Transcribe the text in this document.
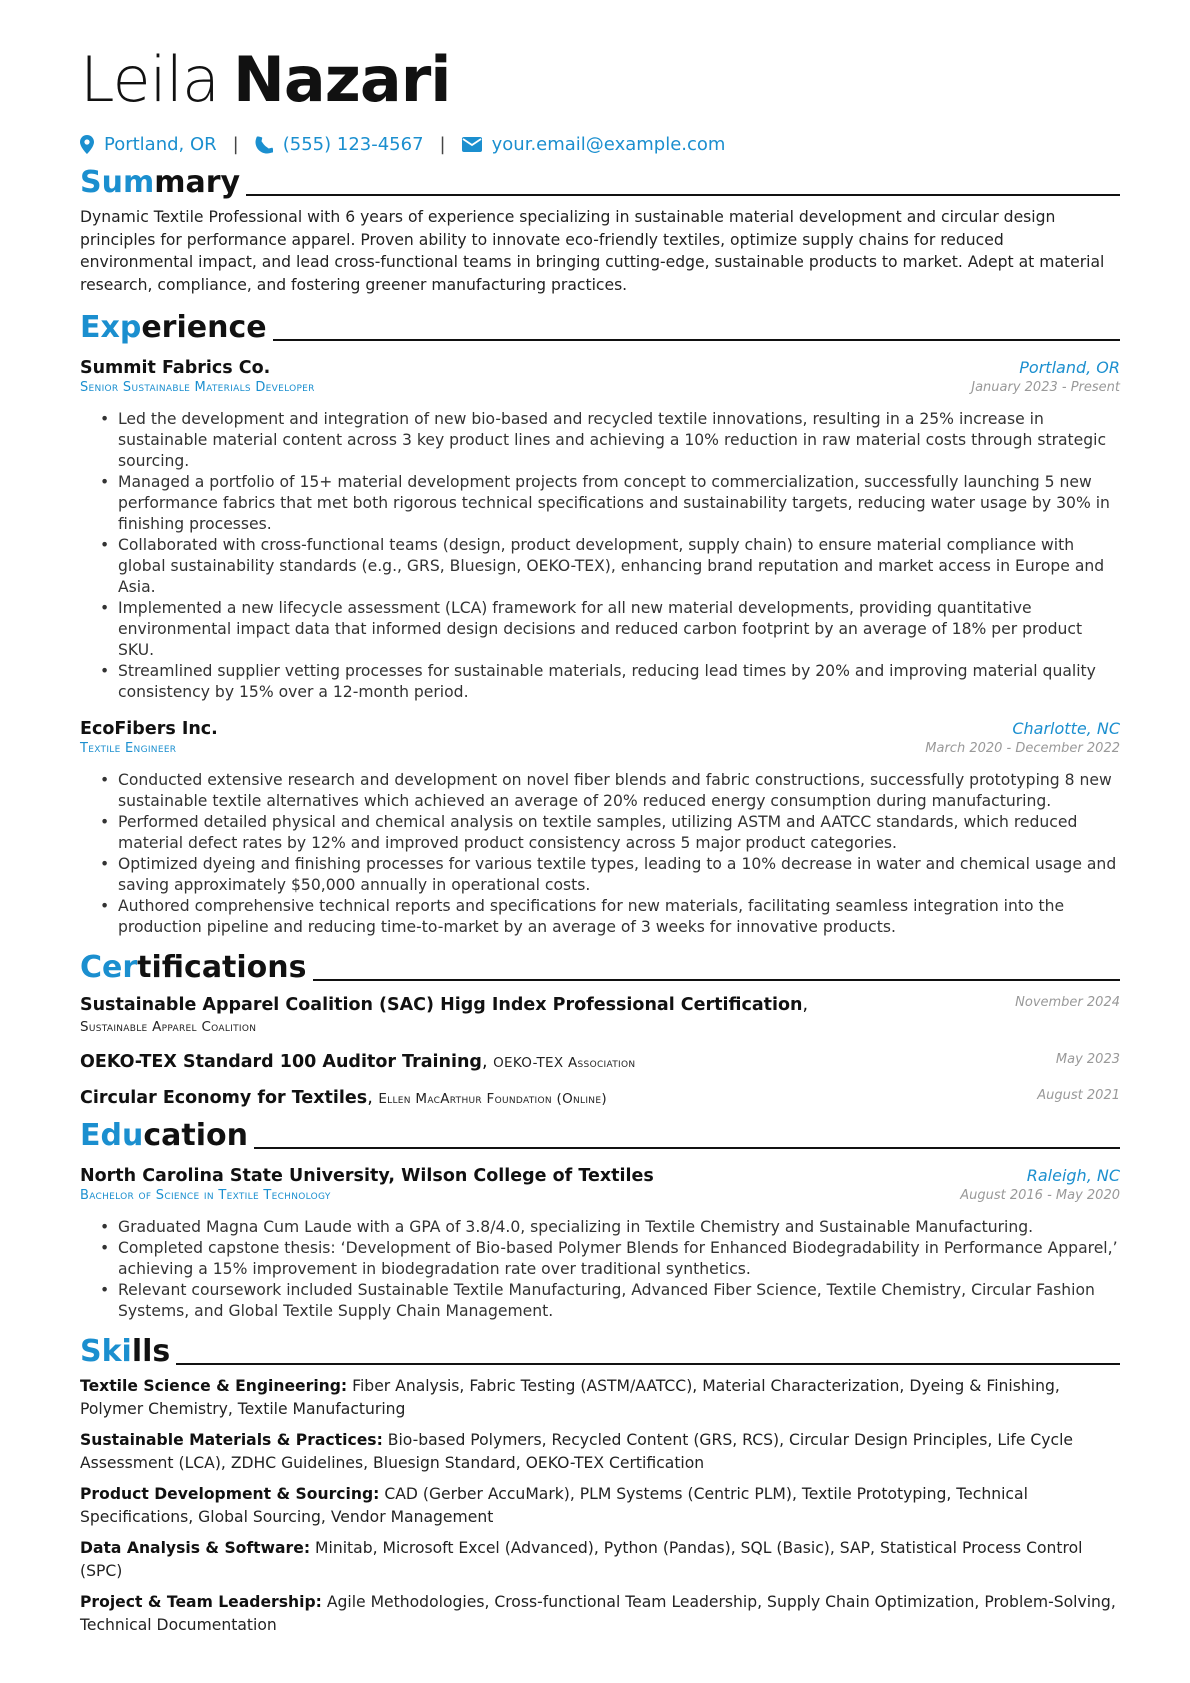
Leila Nazari
Portland, OR | (555) 123-4567 |	your.email@example.com
Summary
Dynamic Textile Professional with 6 years of experience specializing in sustainable material development and circular design principles for performance apparel. Proven ability to innovate eco-friendly textiles, optimize supply chains for reduced environmental impact, and lead cross-functional teams in bringing cutting-edge, sustainable products to market. Adept at material research, compliance, and fostering greener manufacturing practices.
Experience
Summit Fabrics Co.	Portland, OR
Senior Sustainable Materials Developer	January 2023 - Present
• Led the development and integration of new bio-based and recycled textile innovations, resulting in a 25% increase in sustainable material content across 3 key product lines and achieving a 10% reduction in raw material costs through strategic sourcing.
• Managed a portfolio of 15+ material development projects from concept to commercialization, successfully launching 5 new performance fabrics that met both rigorous technical specifications and sustainability targets, reducing water usage by 30% in finishing processes.
• Collaborated with cross-functional teams (design, product development, supply chain) to ensure material compliance with global sustainability standards (e.g., GRS, Bluesign, OEKO-TEX), enhancing brand reputation and market access in Europe and Asia.
• Implemented a new lifecycle assessment (LCA) framework for all new material developments, providing quantitative environmental impact data that informed design decisions and reduced carbon footprint by an average of 18% per product SKU.
• Streamlined supplier vetting processes for sustainable materials, reducing lead times by 20% and improving material quality consistency by 15% over a 12-month period.
EcoFibers Inc.	Charlotte, NC
Textile Engineer	March 2020 - December 2022
• Conducted extensive research and development on novel fiber blends and fabric constructions, successfully prototyping 8 new sustainable textile alternatives which achieved an average of 20% reduced energy consumption during manufacturing.
• Performed detailed physical and chemical analysis on textile samples, utilizing ASTM and AATCC standards, which reduced material defect rates by 12% and improved product consistency across 5 major product categories.
• Optimized dyeing and finishing processes for various textile types, leading to a 10% decrease in water and chemical usage and saving approximately $50,000 annually in operational costs.
• Authored comprehensive technical reports and specifications for new materials, facilitating seamless integration into the production pipeline and reducing time-to-market by an average of 3 weeks for innovative products.
Certifications
Sustainable Apparel Coalition (SAC) Higg Index Professional Certification, Sustainable Apparel Coalition
November 2024
OEKO-TEX Standard 100 Auditor Training, OEKO-TEX Association	May 2023
Circular Economy for Textiles, Ellen MacArthur Foundation (Online)	August 2021
Education
North Carolina State University, Wilson College of Textiles	Raleigh, NC
Bachelor of Science in Textile Technology	August 2016 - May 2020
• Graduated Magna Cum Laude with a GPA of 3.8/4.0, specializing in Textile Chemistry and Sustainable Manufacturing.
• Completed capstone thesis: ‘Development of Bio-based Polymer Blends for Enhanced Biodegradability in Performance Apparel,’ achieving a 15% improvement in biodegradation rate over traditional synthetics.
• Relevant coursework included Sustainable Textile Manufacturing, Advanced Fiber Science, Textile Chemistry, Circular Fashion Systems, and Global Textile Supply Chain Management.
Skills
Textile Science & Engineering: Fiber Analysis, Fabric Testing (ASTM/AATCC), Material Characterization, Dyeing & Finishing, Polymer Chemistry, Textile Manufacturing
Sustainable Materials & Practices: Bio-based Polymers, Recycled Content (GRS, RCS), Circular Design Principles, Life Cycle Assessment (LCA), ZDHC Guidelines, Bluesign Standard, OEKO-TEX Certification
Product Development & Sourcing: CAD (Gerber AccuMark), PLM Systems (Centric PLM), Textile Prototyping, Technical Specifications, Global Sourcing, Vendor Management
Data Analysis & Software: Minitab, Microsoft Excel (Advanced), Python (Pandas), SQL (Basic), SAP, Statistical Process Control (SPC)
Project & Team Leadership: Agile Methodologies, Cross-functional Team Leadership, Supply Chain Optimization, Problem-Solving, Technical Documentation
